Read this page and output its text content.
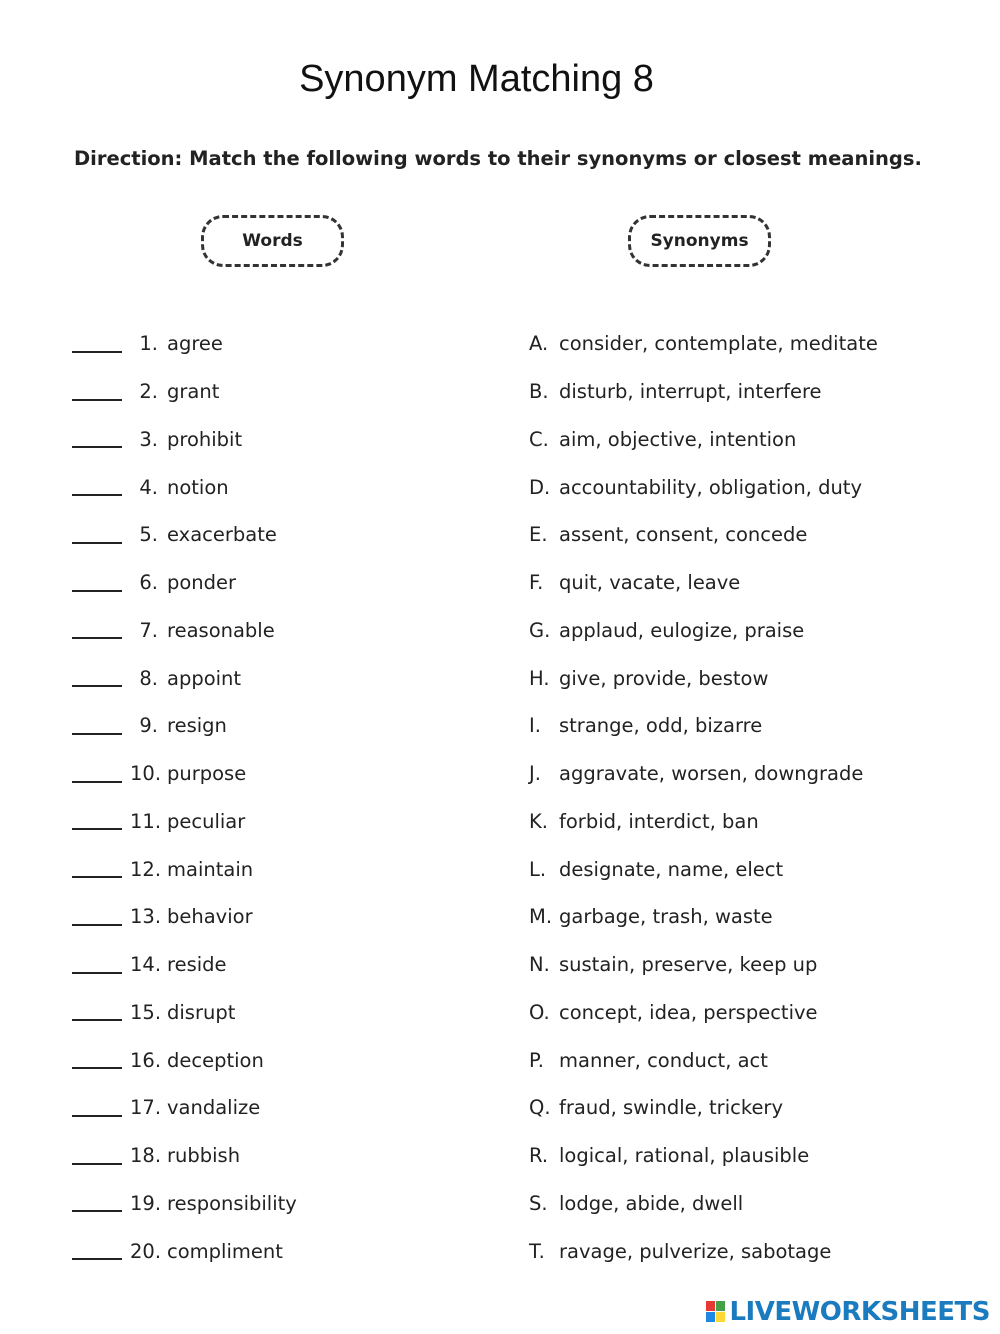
Synonym Matching 8
Direction: Match the following words to their synonyms or closest meanings.
Words	Synonyms
1. agree
2. grant
3. prohibit
4. notion
5. exacerbate
6. ponder
7. reasonable
8. appoint
9. resign
10. purpose
11. peculiar
12. maintain
13. behavior
14. reside
15. disrupt
16. deception
17. vandalize
18. rubbish
19. responsibility
20. compliment
A. consider, contemplate, meditate
B. disturb, interrupt, interfere
C. aim, objective, intention
D. accountability, obligation, duty
E. assent, consent, concede
F. quit, vacate, leave
G. applaud, eulogize, praise
H. give, provide, bestow
I. strange, odd, bizarre
J. aggravate, worsen, downgrade
K. forbid, interdict, ban
L. designate, name, elect
M. garbage, trash, waste
N. sustain, preserve, keep up
O. concept, idea, perspective
P. manner, conduct, act
Q. fraud, swindle, trickery
R. logical, rational, plausible
S. lodge, abide, dwell
T. ravage, pulverize, sabotage
LIVEWORKSHEETS
